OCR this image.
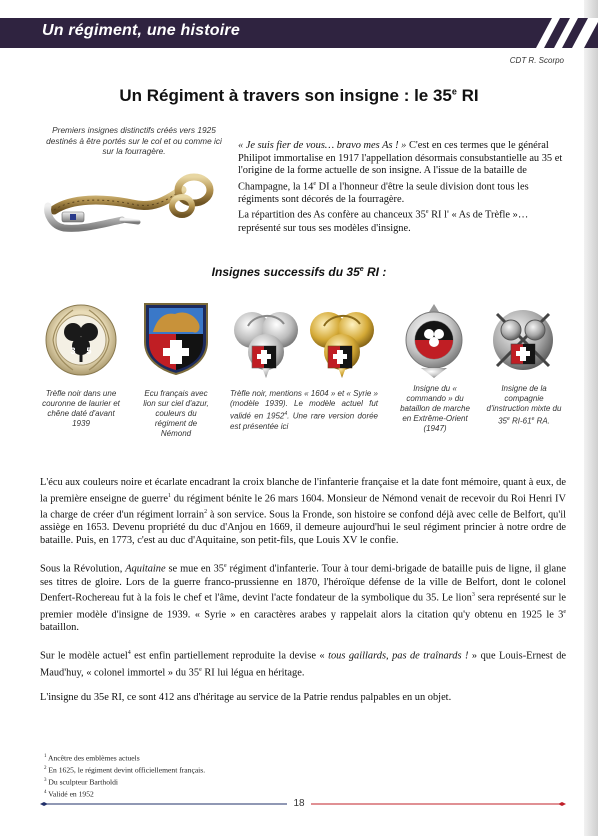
Un régiment, une histoire
CDT R. Scorpo
Un Régiment à travers son insigne : le 35e RI
Premiers insignes distinctifs créés vers 1925 destinés à être portés sur le col et ou comme ici sur la fourragère.	« Je suis fier de vous… bravo mes As ! » C'est en ces termes que le général Philipot immortalise en 1917 l'appellation désormais consubstantielle au 35 et l'origine de la forme actuelle de son insigne. A l'issue de la bataille de Champagne, la 14e DI a l'honneur d'être la seule division dont tous les régiments sont décorés de la fourragère.

La répartition des As confère au chanceux 35e RI l' « As de Trèfle »… représenté sur tous ses modèles d'insigne.

Insignes successifs du 35e RI :
3 5
Trèfle noir dans une couronne de laurier et chêne daté d'avant 1939
Ecu français avec lion sur ciel d'azur, couleurs du régiment de Némond
Trèfle noir, mentions « 1604 » et « Syrie » (modèle 1939). Le modèle actuel fut validé en 1952$^4$. Une rare version dorée est présentée ici
Insigne du « commando » du bataillon de marche en Extrême-Orient (1947)
Insigne de la compagnie d'instruction mixte du 35e RI-61e RA.

L'écu aux couleurs noire et écarlate encadrant la croix blanche de l'infanterie française et la date font mémoire, quant à eux, de la première enseigne de guerre$^1$ du régiment bénite le 26 mars 1604. Monsieur de Némond venait de recevoir du Roi Henri IV la charge de créer d'un régiment lorrain$^2$ à son service. Sous la Fronde, son histoire se confond déjà avec celle de Belfort, qu'il assiège en 1653. Devenu propriété du duc d'Anjou en 1669, il demeure aujourd'hui le seul régiment princier à notre ordre de bataille. Puis, en 1773, c'est au duc d'Aquitaine, son petit-fils, que Louis XV le confie.

Sous la Révolution, Aquitaine se mue en 35e régiment d'infanterie. Tour à tour demi-brigade de bataille puis de ligne, il glane ses titres de gloire. Lors de la guerre franco-prussienne en 1870, l'héroïque défense de la ville de Belfort, dont le colonel Denfert-Rochereau fut à la fois le chef et l'âme, devint l'acte fondateur de la symbolique du 35. Le lion$^3$ sera représenté sur le premier modèle d'insigne de 1939. « Syrie » en caractères arabes y rappelait alors la citation qu'y obtenu en 1925 le 3e bataillon.

Sur le modèle actuel$^4$ est enfin partiellement reproduite la devise « tous gaillards, pas de traînards ! » que Louis-Ernest de Maud'huy, « colonel immortel » du 35e RI lui légua en héritage.

L'insigne du 35e RI, ce sont 412 ans d'héritage au service de la Patrie rendus palpables en un objet.

$^1$ Ancêtre des emblèmes actuels
$^2$ En 1625, le régiment devint officiellement français.
$^3$ Du sculpteur Bartholdi
$^4$ Validé en 1952
18
